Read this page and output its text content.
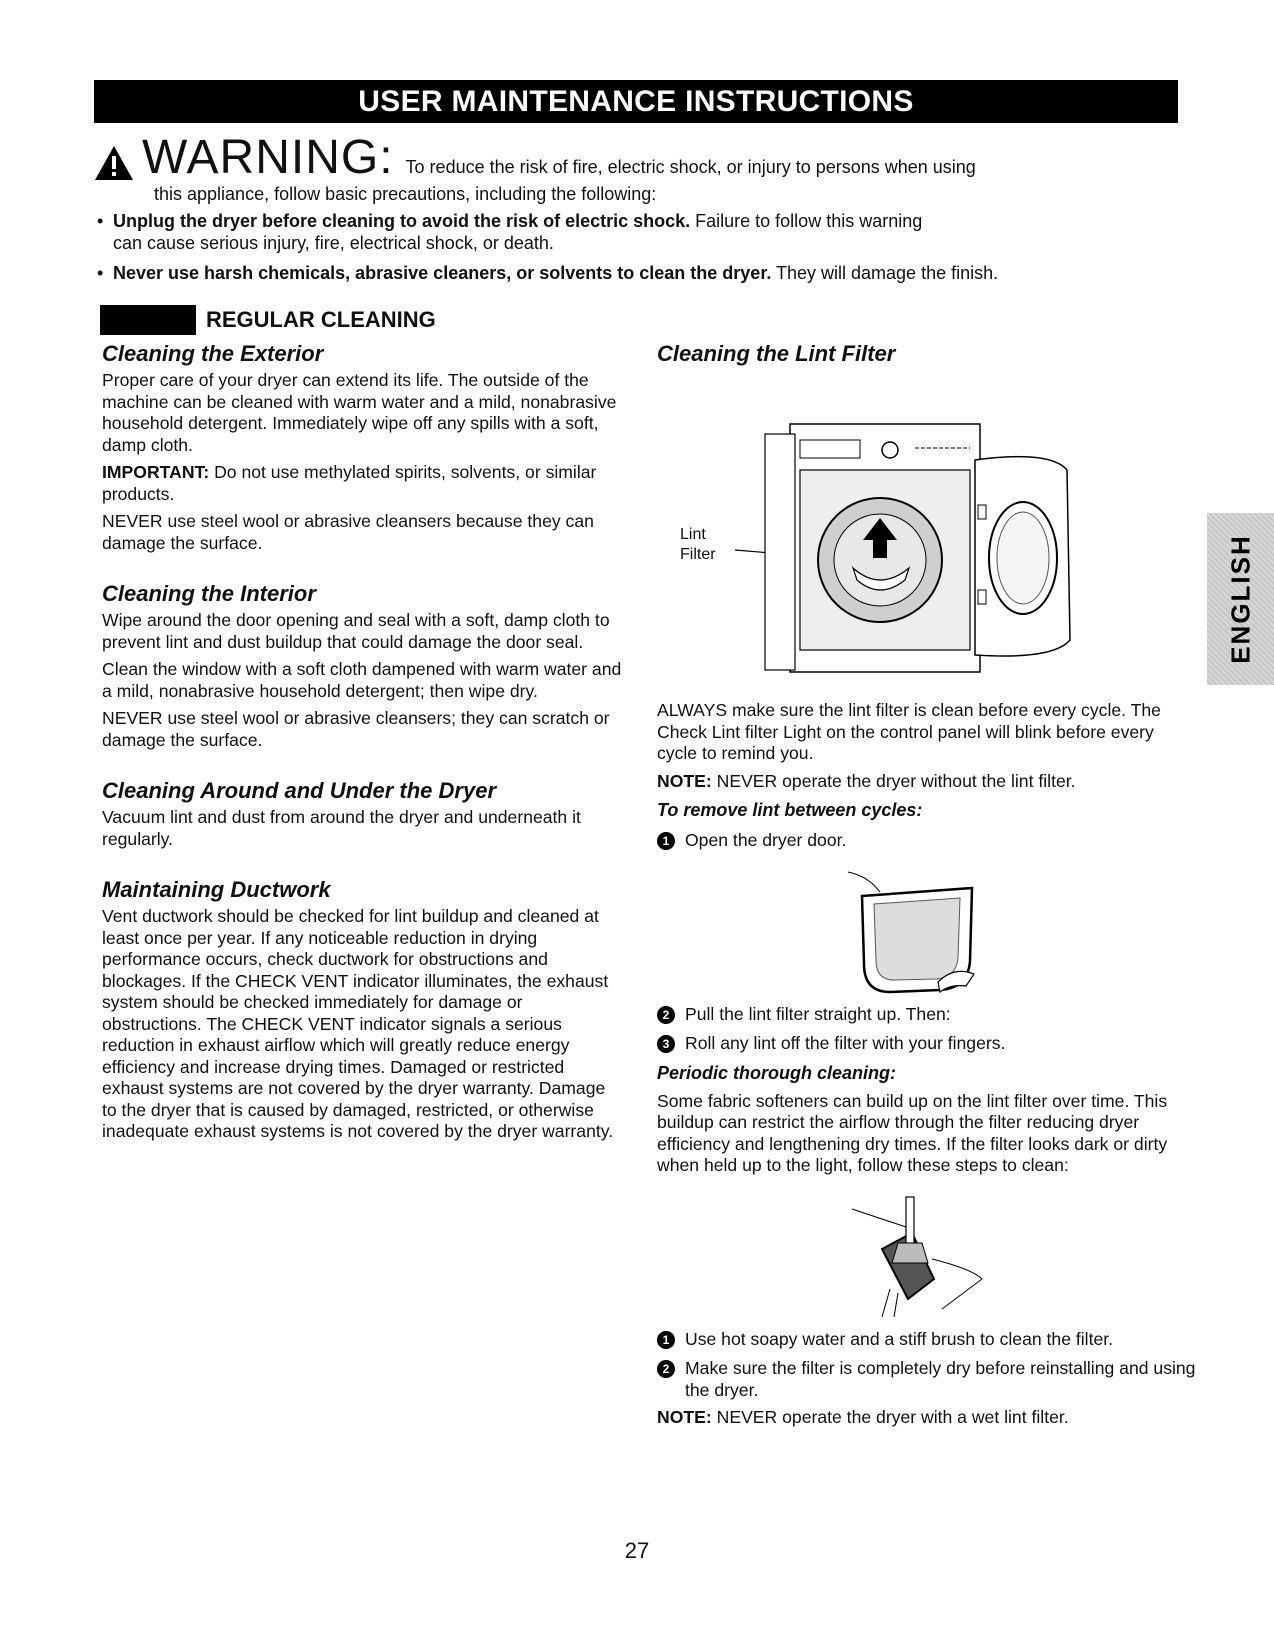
USER MAINTENANCE INSTRUCTIONS
WARNING: To reduce the risk of fire, electric shock, or injury to persons when using
this appliance, follow basic precautions, including the following:
• Unplug the dryer before cleaning to avoid the risk of electric shock. Failure to follow this warning
can cause serious injury, fire, electrical shock, or death.
• Never use harsh chemicals, abrasive cleaners, or solvents to clean the dryer. They will damage the finish.
REGULAR CLEANING
Cleaning the Exterior

Proper care of your dryer can extend its life. The outside of the machine can be cleaned with warm water and a mild, nonabrasive household detergent. Immediately wipe off any spills with a soft, damp cloth.

IMPORTANT: Do not use methylated spirits, solvents, or similar products.

NEVER use steel wool or abrasive cleansers because they can damage the surface.

Cleaning the Interior

Wipe around the door opening and seal with a soft, damp cloth to prevent lint and dust buildup that could damage the door seal.

Clean the window with a soft cloth dampened with warm water and a mild, nonabrasive household detergent; then wipe dry.

NEVER use steel wool or abrasive cleansers; they can scratch or damage the surface.

Cleaning Around and Under the Dryer

Vacuum lint and dust from around the dryer and underneath it regularly.

Maintaining Ductwork

Vent ductwork should be checked for lint buildup and cleaned at least once per year. If any noticeable reduction in drying performance occurs, check ductwork for obstructions and blockages. If the CHECK VENT indicator illuminates, the exhaust system should be checked immediately for damage or obstructions. The CHECK VENT indicator signals a serious reduction in exhaust airflow which will greatly reduce energy efficiency and increase drying times. Damaged or restricted exhaust systems are not covered by the dryer warranty. Damage to the dryer that is caused by damaged, restricted, or otherwise inadequate exhaust systems is not covered by the dryer warranty.

Cleaning the Lint Filter

ALWAYS make sure the lint filter is clean before every cycle. The Check Lint filter Light on the control panel will blink before every cycle to remind you.

NOTE: NEVER operate the dryer without the lint filter.

To remove lint between cycles:
1 Open the dryer door.
2 Pull the lint filter straight up. Then:
3 Roll any lint off the filter with your fingers.
Periodic thorough cleaning:

Some fabric softeners can build up on the lint filter over time. This buildup can restrict the airflow through the filter reducing dryer efficiency and lengthening dry times. If the filter looks dark or dirty when held up to the light, follow these steps to clean:

1 Use hot soapy water and a stiff brush to clean the filter.
2 Make sure the filter is completely dry before reinstalling and using the dryer.

NOTE: NEVER operate the dryer with a wet lint filter.

Lint
Filter	ENGLISH
27
